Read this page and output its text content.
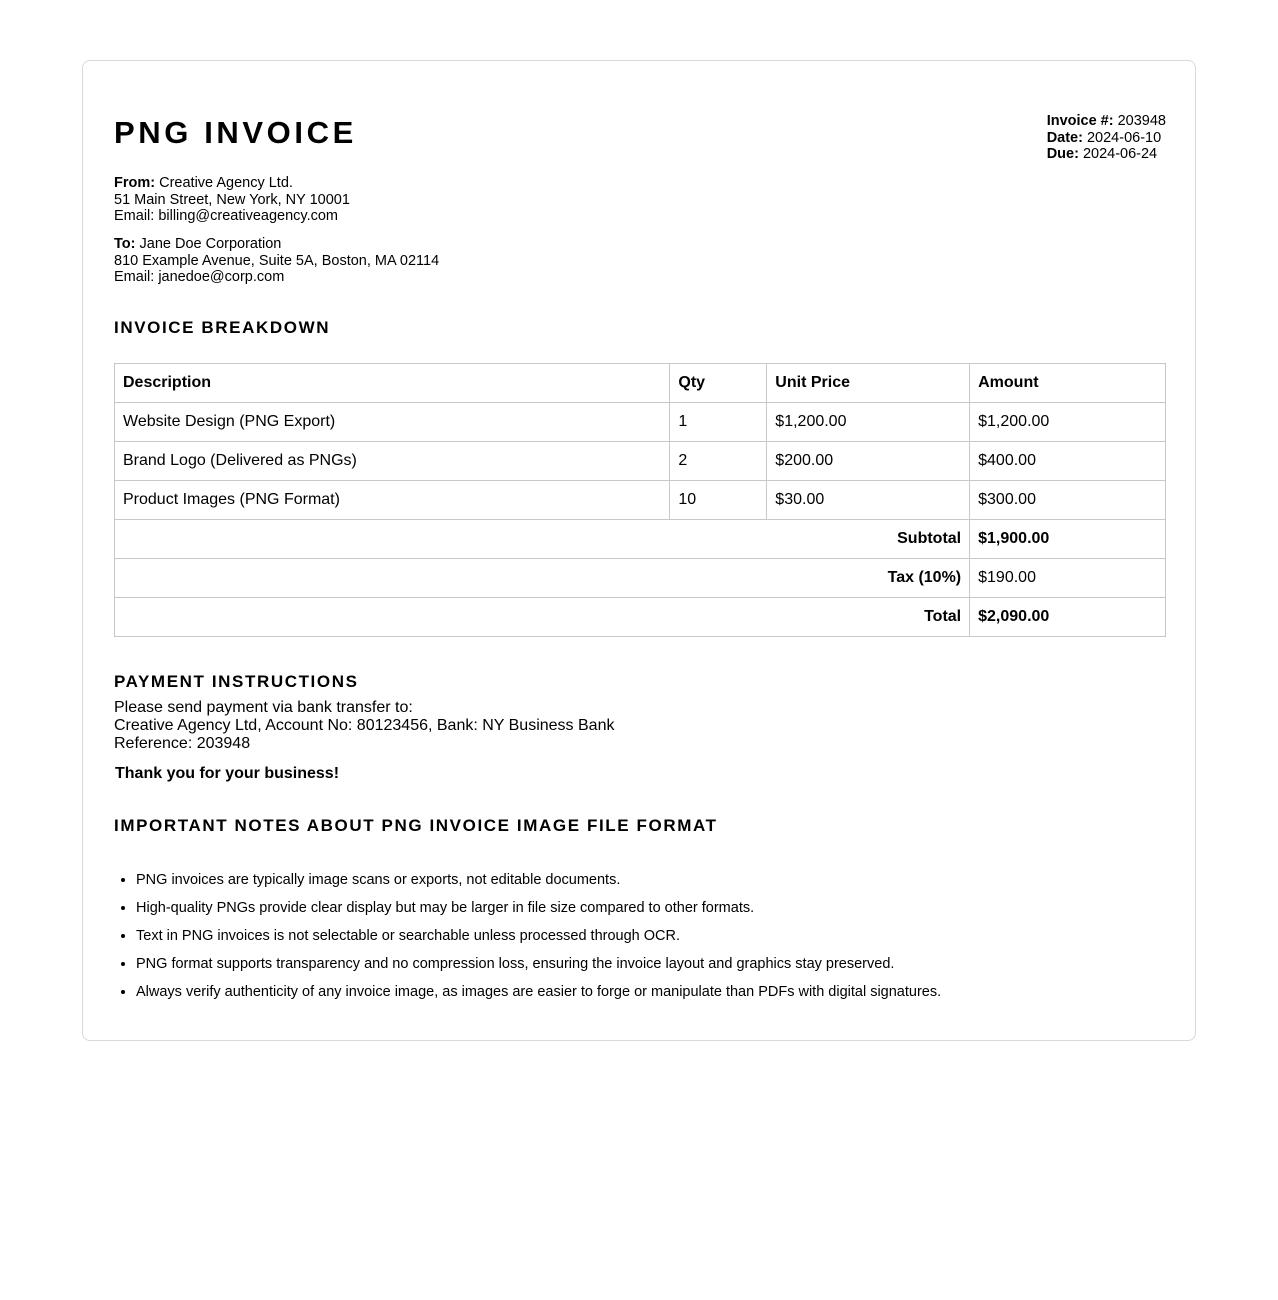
PNG INVOICE	Invoice #: 203948
Date: 2024-06-10
Due: 2024-06-24
From: Creative Agency Ltd.
51 Main Street, New York, NY 10001
Email: billing@creativeagency.com
To: Jane Doe Corporation
810 Example Avenue, Suite 5A, Boston, MA 02114
Email: janedoe@corp.com
INVOICE BREAKDOWN
Description	Qty	Unit Price	Amount
Website Design (PNG Export)	1	$1,200.00	$1,200.00
Brand Logo (Delivered as PNGs)	2	$200.00	$400.00
Product Images (PNG Format)	10	$30.00	$300.00
Subtotal			$1,900.00
Tax (10%)			$190.00
Total			$2,090.00
PAYMENT INSTRUCTIONS
Please send payment via bank transfer to:
Creative Agency Ltd, Account No: 80123456, Bank: NY Business Bank
Reference: 203948
Thank you for your business!
IMPORTANT NOTES ABOUT PNG INVOICE IMAGE FILE FORMAT
• PNG invoices are typically image scans or exports, not editable documents.
• High-quality PNGs provide clear display but may be larger in file size compared to other formats.
• Text in PNG invoices is not selectable or searchable unless processed through OCR.
• PNG format supports transparency and no compression loss, ensuring the invoice layout and graphics stay preserved.
• Always verify authenticity of any invoice image, as images are easier to forge or manipulate than PDFs with digital signatures.
